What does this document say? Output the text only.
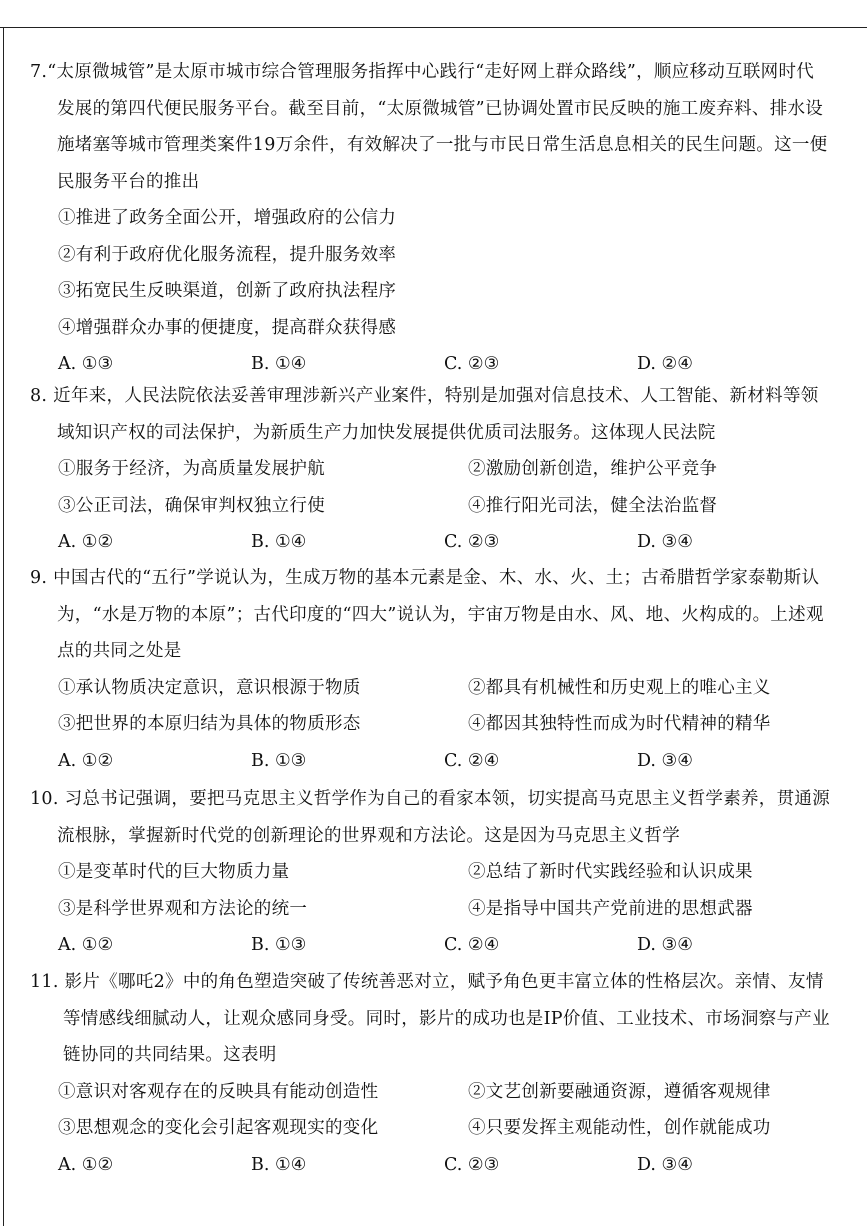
7.“太原微城管”是太原市城市综合管理服务指挥中心践行“走好网上群众路线”，顺应移动互联网时代发展的第四代便民服务平台。截至目前，“太原微城管”已协调处置市民反映的施工废弃料、排水设施堵塞等城市管理类案件19万余件，有效解决了一批与市民日常生活息息相关的民生问题。这一便民服务平台的推出
①推进了政务全面公开，增强政府的公信力
②有利于政府优化服务流程，提升服务效率
③拓宽民生反映渠道，创新了政府执法程序
④增强群众办事的便捷度，提高群众获得感
A. ①③	B. ①④	C. ②③	D. ②④
8. 近年来，人民法院依法妥善审理涉新兴产业案件，特别是加强对信息技术、人工智能、新材料等领域知识产权的司法保护，为新质生产力加快发展提供优质司法服务。这体现人民法院
①服务于经济，为高质量发展护航	②激励创新创造，维护公平竞争
③公正司法，确保审判权独立行使	④推行阳光司法，健全法治监督
A. ①②	B. ①④	C. ②③	D. ③④
9. 中国古代的“五行”学说认为，生成万物的基本元素是金、木、水、火、土；古希腊哲学家泰勒斯认为，“水是万物的本原”；古代印度的“四大”说认为，宇宙万物是由水、风、地、火构成的。上述观点的共同之处是
①承认物质决定意识，意识根源于物质	②都具有机械性和历史观上的唯心主义
③把世界的本原归结为具体的物质形态	④都因其独特性而成为时代精神的精华
A. ①②	B. ①③	C. ②④	D. ③④
10. 习总书记强调，要把马克思主义哲学作为自己的看家本领，切实提高马克思主义哲学素养，贯通源流根脉，掌握新时代党的创新理论的世界观和方法论。这是因为马克思主义哲学
①是变革时代的巨大物质力量	②总结了新时代实践经验和认识成果
③是科学世界观和方法论的统一	④是指导中国共产党前进的思想武器
A. ①②	B. ①③	C. ②④	D. ③④
11. 影片《哪吒2》中的角色塑造突破了传统善恶对立，赋予角色更丰富立体的性格层次。亲情、友情等情感线细腻动人，让观众感同身受。同时，影片的成功也是IP价值、工业技术、市场洞察与产业链协同的共同结果。这表明
①意识对客观存在的反映具有能动创造性	②文艺创新要融通资源，遵循客观规律
③思想观念的变化会引起客观现实的变化	④只要发挥主观能动性，创作就能成功
A. ①②	B. ①④	C. ②③	D. ③④
